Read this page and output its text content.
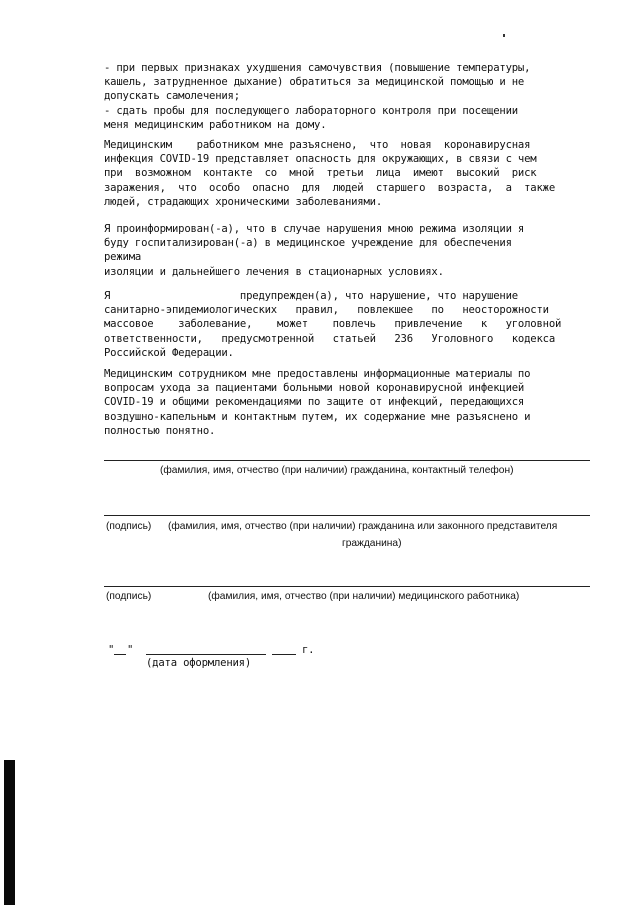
- при первых признаках ухудшения самочувствия (повышение температуры,
кашель, затрудненное дыхание) обратиться за медицинской помощью и не
допускать самолечения;
- сдать пробы для последующего лабораторного контроля при посещении
меня медицинским работником на дому.
Медицинским    работником мне разъяснено,  что  новая  коронавирусная
инфекция COVID-19 представляет опасность для окружающих, в связи с чем
при  возможном  контакте  со  мной  третьи  лица  имеют  высокий  риск
заражения,  что  особо  опасно  для  людей  старшего  возраста,  а  также
людей, страдающих хроническими заболеваниями.
Я проинформирован(-а), что в случае нарушения мною режима изоляции я
буду госпитализирован(-а) в медицинское учреждение для обеспечения
режима
изоляции и дальнейшего лечения в стационарных условиях.
Я                     предупрежден(а), что нарушение, что нарушение
санитарно-эпидемиологических   правил,   повлекшее   по   неосторожности
массовое    заболевание,    может    повлечь   привлечение   к   уголовной
ответственности,   предусмотренной   статьей   236   Уголовного   кодекса
Российской Федерации.
Медицинским сотрудником мне предоставлены информационные материалы по
вопросам ухода за пациентами больными новой коронавирусной инфекцией
COVID-19 и общими рекомендациями по защите от инфекций, передающихся
воздушно-капельным и контактным путем, их содержание мне разъяснено и
полностью понятно.
(фамилия, имя, отчество (при наличии) гражданина, контактный телефон)
(подпись) (фамилия, имя, отчество (при наличии) гражданина или законного представителя
гражданина)
(подпись)	(фамилия, имя, отчество (при наличии) медицинского работника)
" "	г.
(дата оформления)
